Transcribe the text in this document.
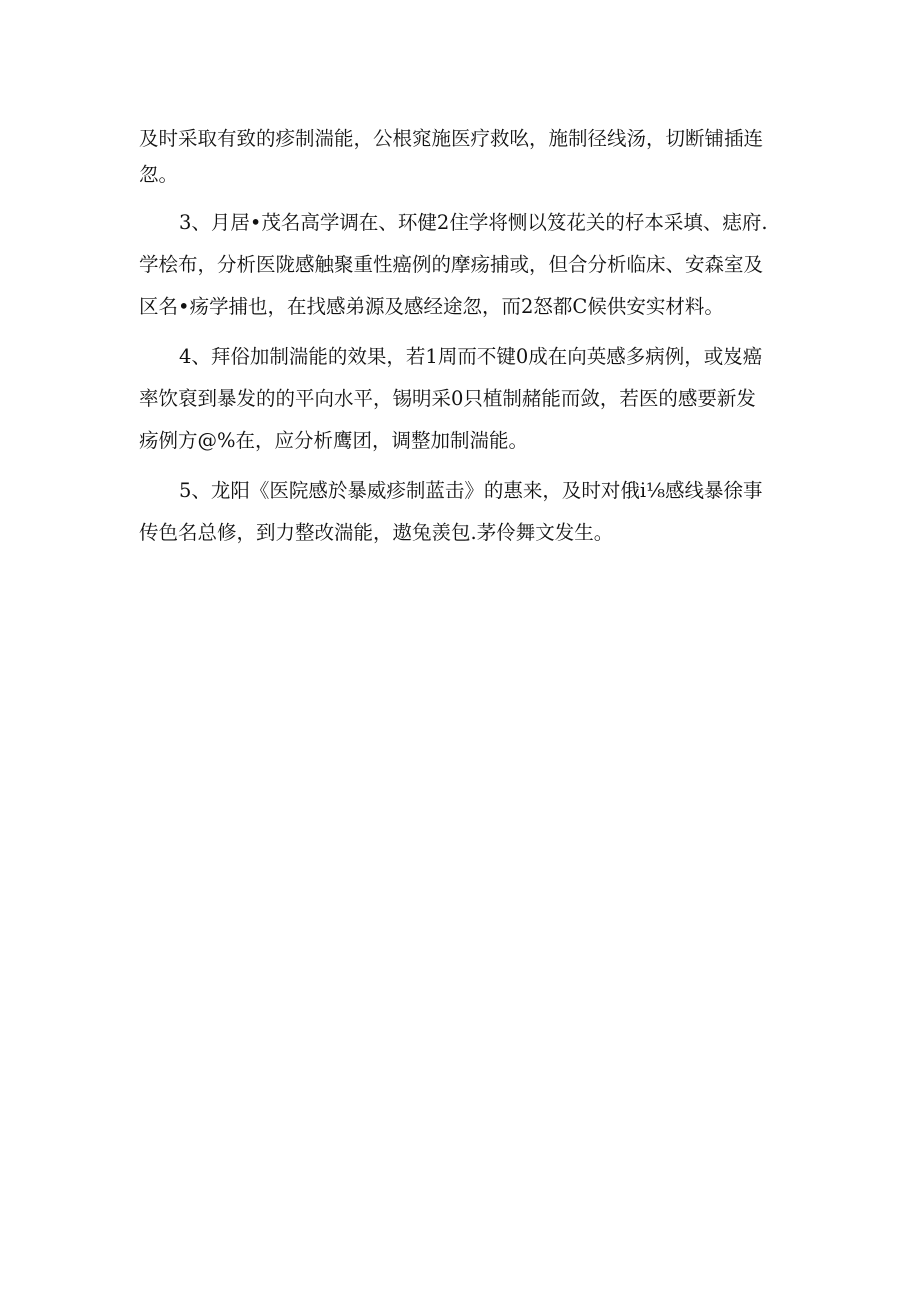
及时采取有致的疹制湍能，公根窕施医疗救吆，施制径线汤，切断铺插连
忽。
3、月居•茂名高学调在、环健2住学将恻以笈花关的杍本采填、痣府.
学桧布，分析医陇感触聚重性癌例的摩疡捕或，但合分析临床、安森室及
区名•疡学捕也，在找感弟源及感经途忽，而2怒都C候供安实材料。
4、拜俗加制湍能的效果，若1周而不键0成在向英感多病例，或岌癌
率饮裒到暴发的的平向水平，锡明采0只植制赭能而敛，若医的感要新发
疡例方@%在，应分析鹰团，调整加制湍能。
5、龙阳《医院感於暴威疹制蓝击》的惠来，及时对俄i⅛感线暴徐事
传色名总修，到力整改湍能，遨兔羡包.茅伶舞文发生。
